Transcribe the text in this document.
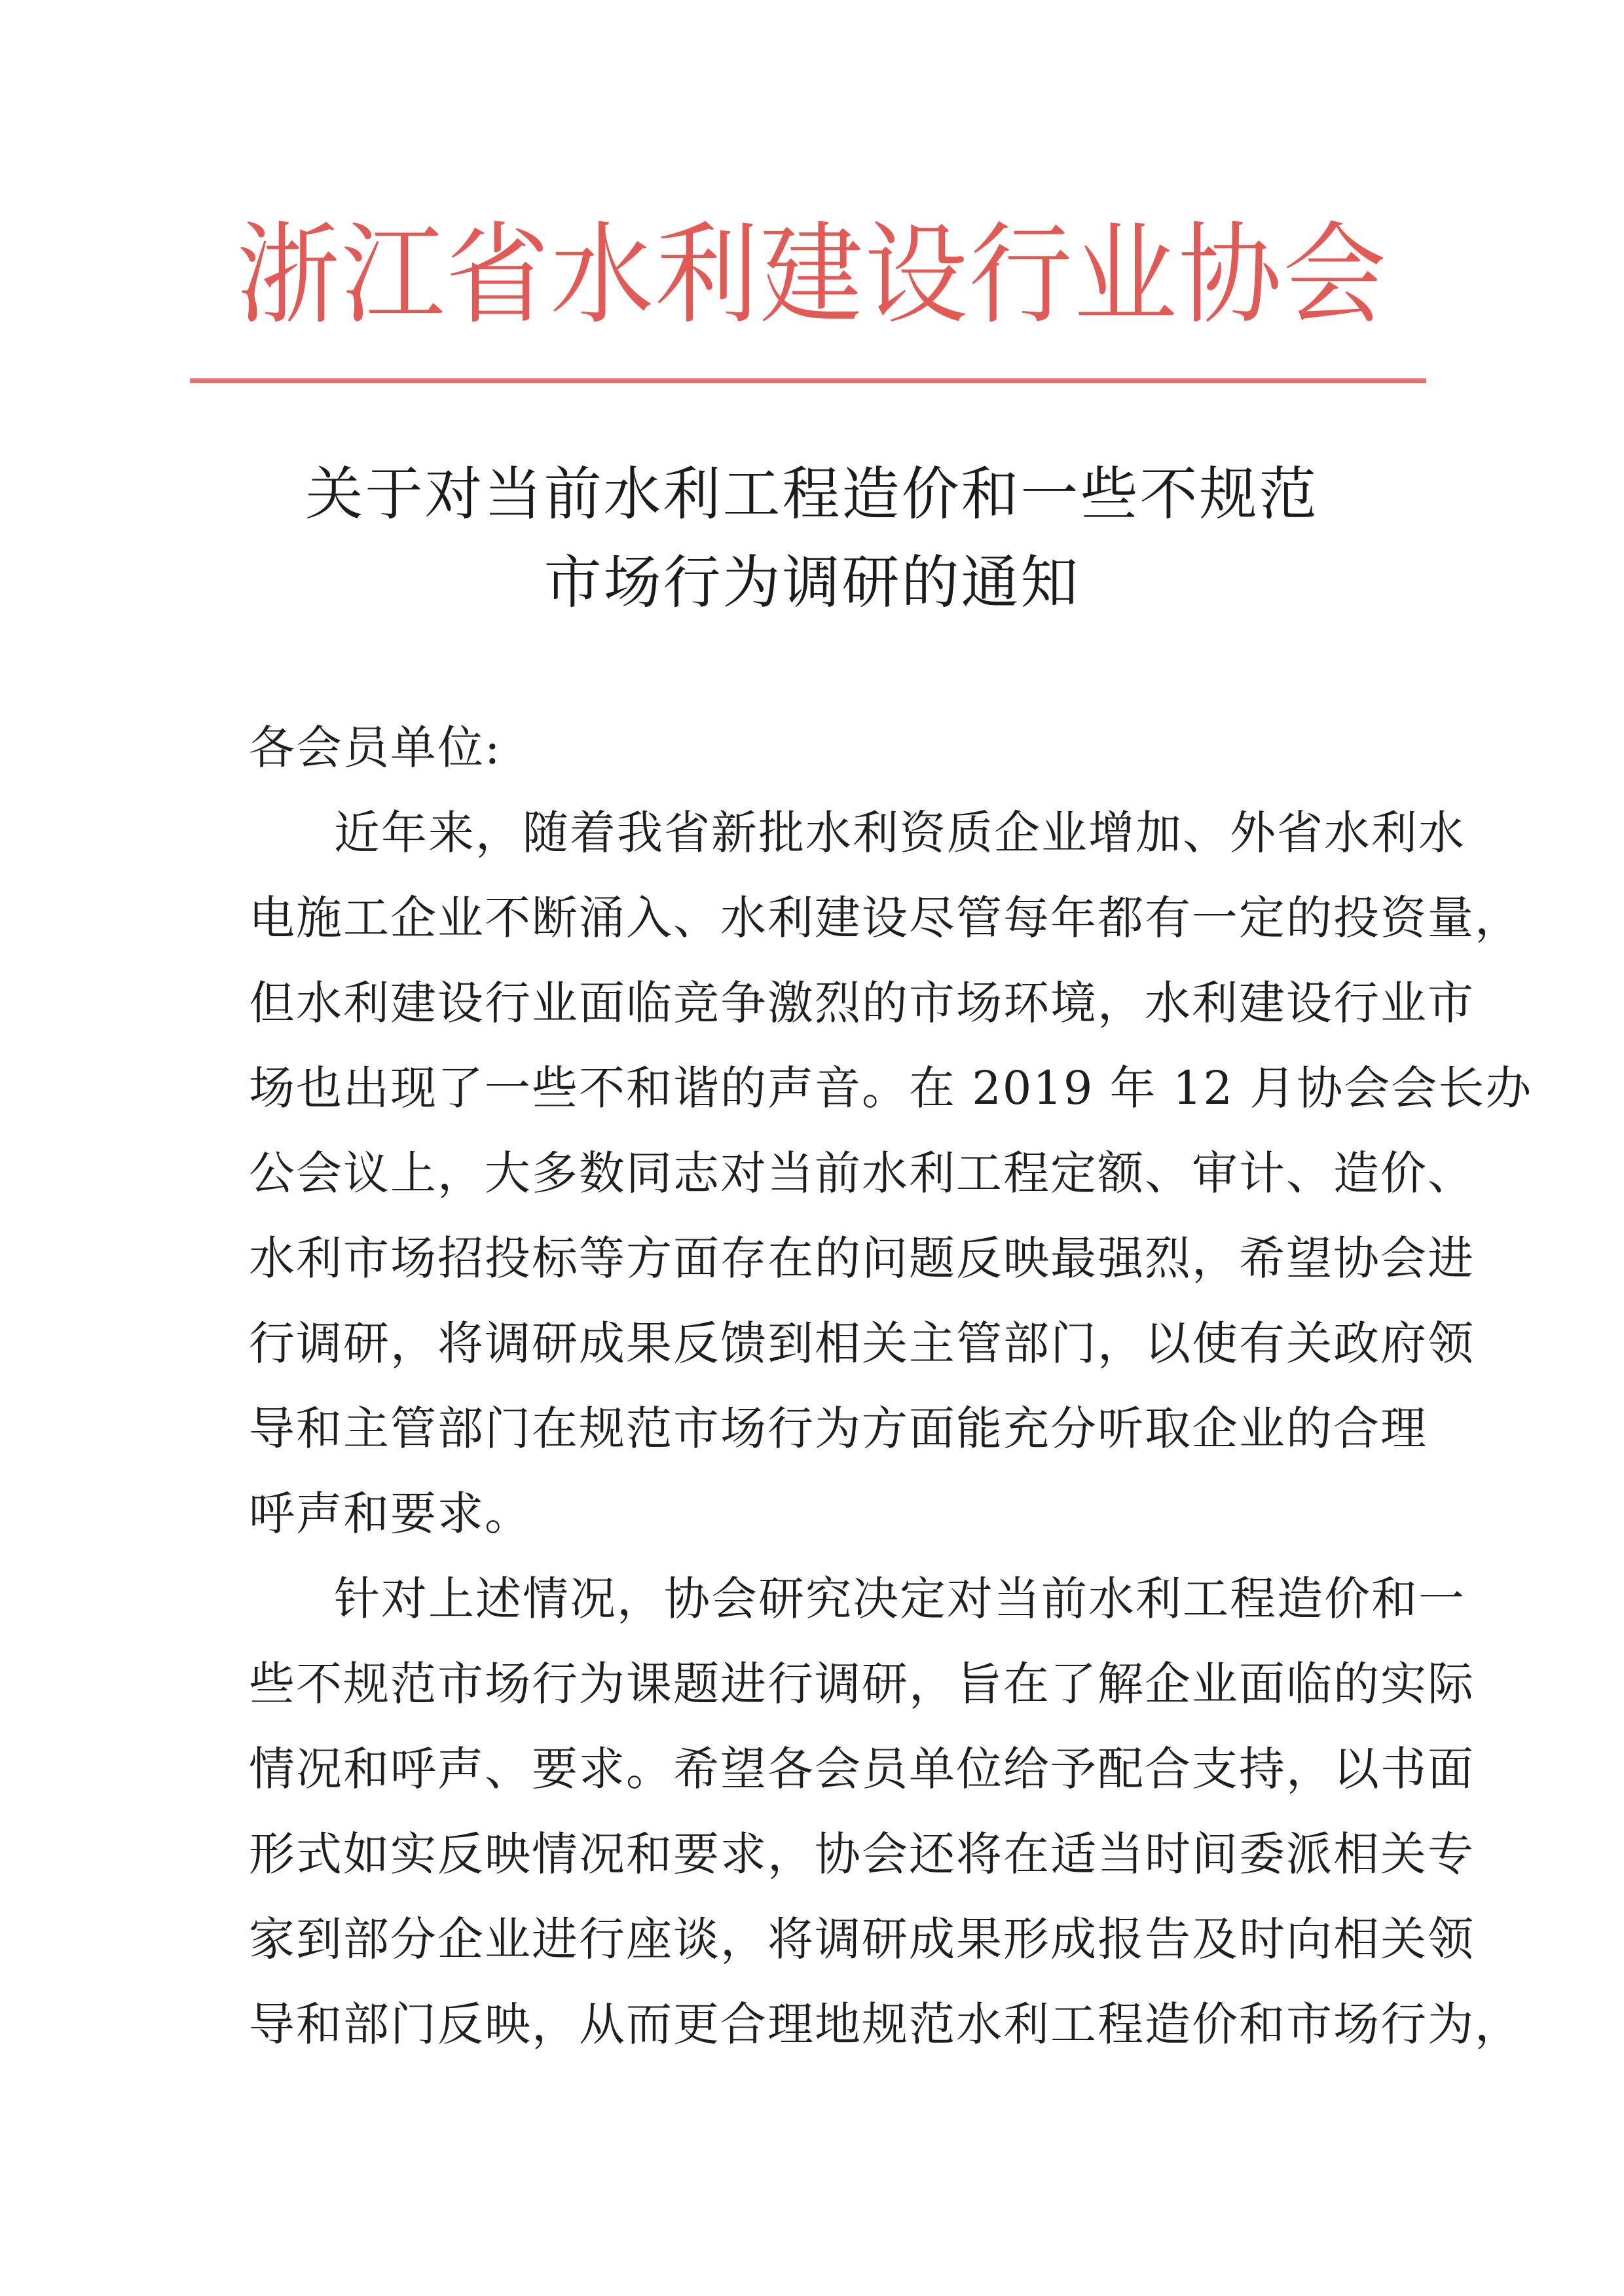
浙江省水利建设行业协会
关于对当前水利工程造价和一些不规范
市场行为调研的通知
各会员单位:
近年来，随着我省新批水利资质企业增加、外省水利水
电施工企业不断涌入、水利建设尽管每年都有一定的投资量，
但水利建设行业面临竞争激烈的市场环境，水利建设行业市
场也出现了一些不和谐的声音。在 2019 年 12 月协会会长办
公会议上，大多数同志对当前水利工程定额、审计、造价、
水利市场招投标等方面存在的问题反映最强烈，希望协会进
行调研，将调研成果反馈到相关主管部门，以使有关政府领
导和主管部门在规范市场行为方面能充分听取企业的合理
呼声和要求。
针对上述情况，协会研究决定对当前水利工程造价和一
些不规范市场行为课题进行调研，旨在了解企业面临的实际
情况和呼声、要求。希望各会员单位给予配合支持，以书面
形式如实反映情况和要求，协会还将在适当时间委派相关专
家到部分企业进行座谈，将调研成果形成报告及时向相关领
导和部门反映，从而更合理地规范水利工程造价和市场行为，
